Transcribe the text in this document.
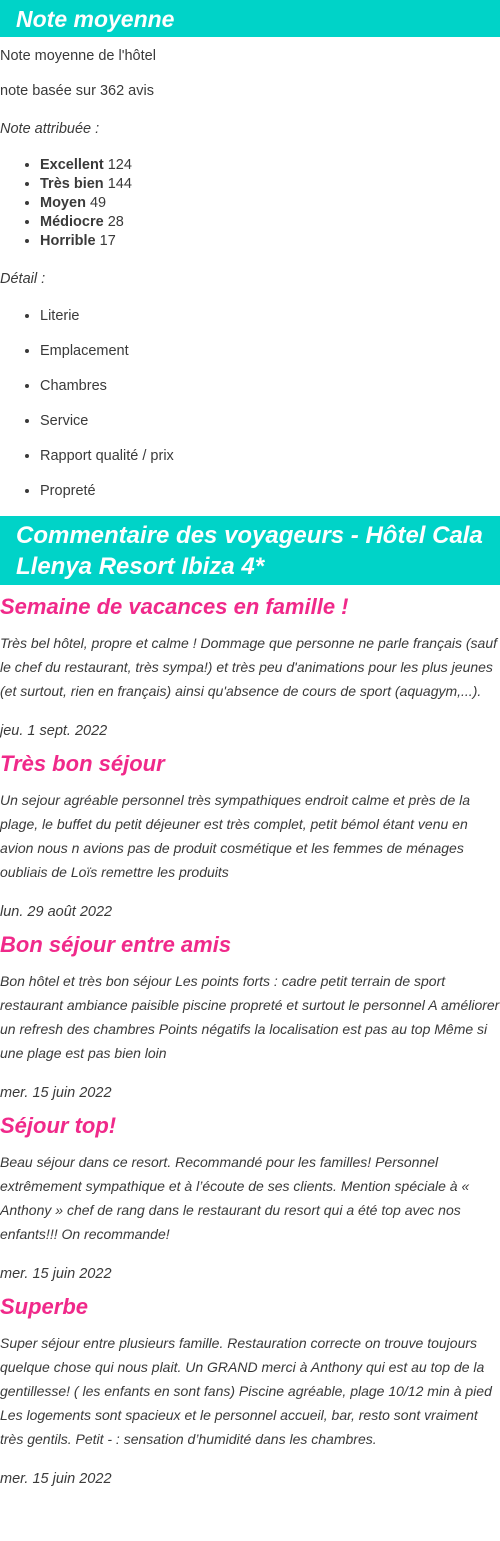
Note moyenne

Note moyenne de l'hôtel

note basée sur 362 avis

Note attribuée :

• Excellent 124
• Très bien 144
• Moyen 49
• Médiocre 28
• Horrible 17

Détail :

• Literie
• Emplacement
• Chambres
• Service
• Rapport qualité / prix
• Propreté
Commentaire des voyageurs - Hôtel Cala Llenya Resort Ibiza 4*
Semaine de vacances en famille !

Très bel hôtel, propre et calme ! Dommage que personne ne parle français (sauf le chef du restaurant, très sympa!) et très peu d'animations pour les plus jeunes (et surtout, rien en français) ainsi qu'absence de cours de sport (aquagym,...).

jeu. 1 sept. 2022

Très bon séjour

Un sejour agréable personnel très sympathiques endroit calme et près de la plage, le buffet du petit déjeuner est très complet, petit bémol étant venu en avion nous n avions pas de produit cosmétique et les femmes de ménages oubliais de Loïs remettre les produits

lun. 29 août 2022

Bon séjour entre amis

Bon hôtel et très bon séjour Les points forts : cadre petit terrain de sport restaurant ambiance paisible piscine propreté et surtout le personnel A améliorer un refresh des chambres Points négatifs la localisation est pas au top Même si une plage est pas bien loin

mer. 15 juin 2022

Séjour top!

Beau séjour dans ce resort. Recommandé pour les familles! Personnel extrêmement sympathique et à l’écoute de ses clients. Mention spéciale à « Anthony » chef de rang dans le restaurant du resort qui a été top avec nos enfants!!! On recommande!

mer. 15 juin 2022

Superbe

Super séjour entre plusieurs famille. Restauration correcte on trouve toujours quelque chose qui nous plait. Un GRAND merci à Anthony qui est au top de la gentillesse! ( les enfants en sont fans) Piscine agréable, plage 10/12 min à pied Les logements sont spacieux et le personnel accueil, bar, resto sont vraiment très gentils. Petit - : sensation d’humidité dans les chambres.

mer. 15 juin 2022
